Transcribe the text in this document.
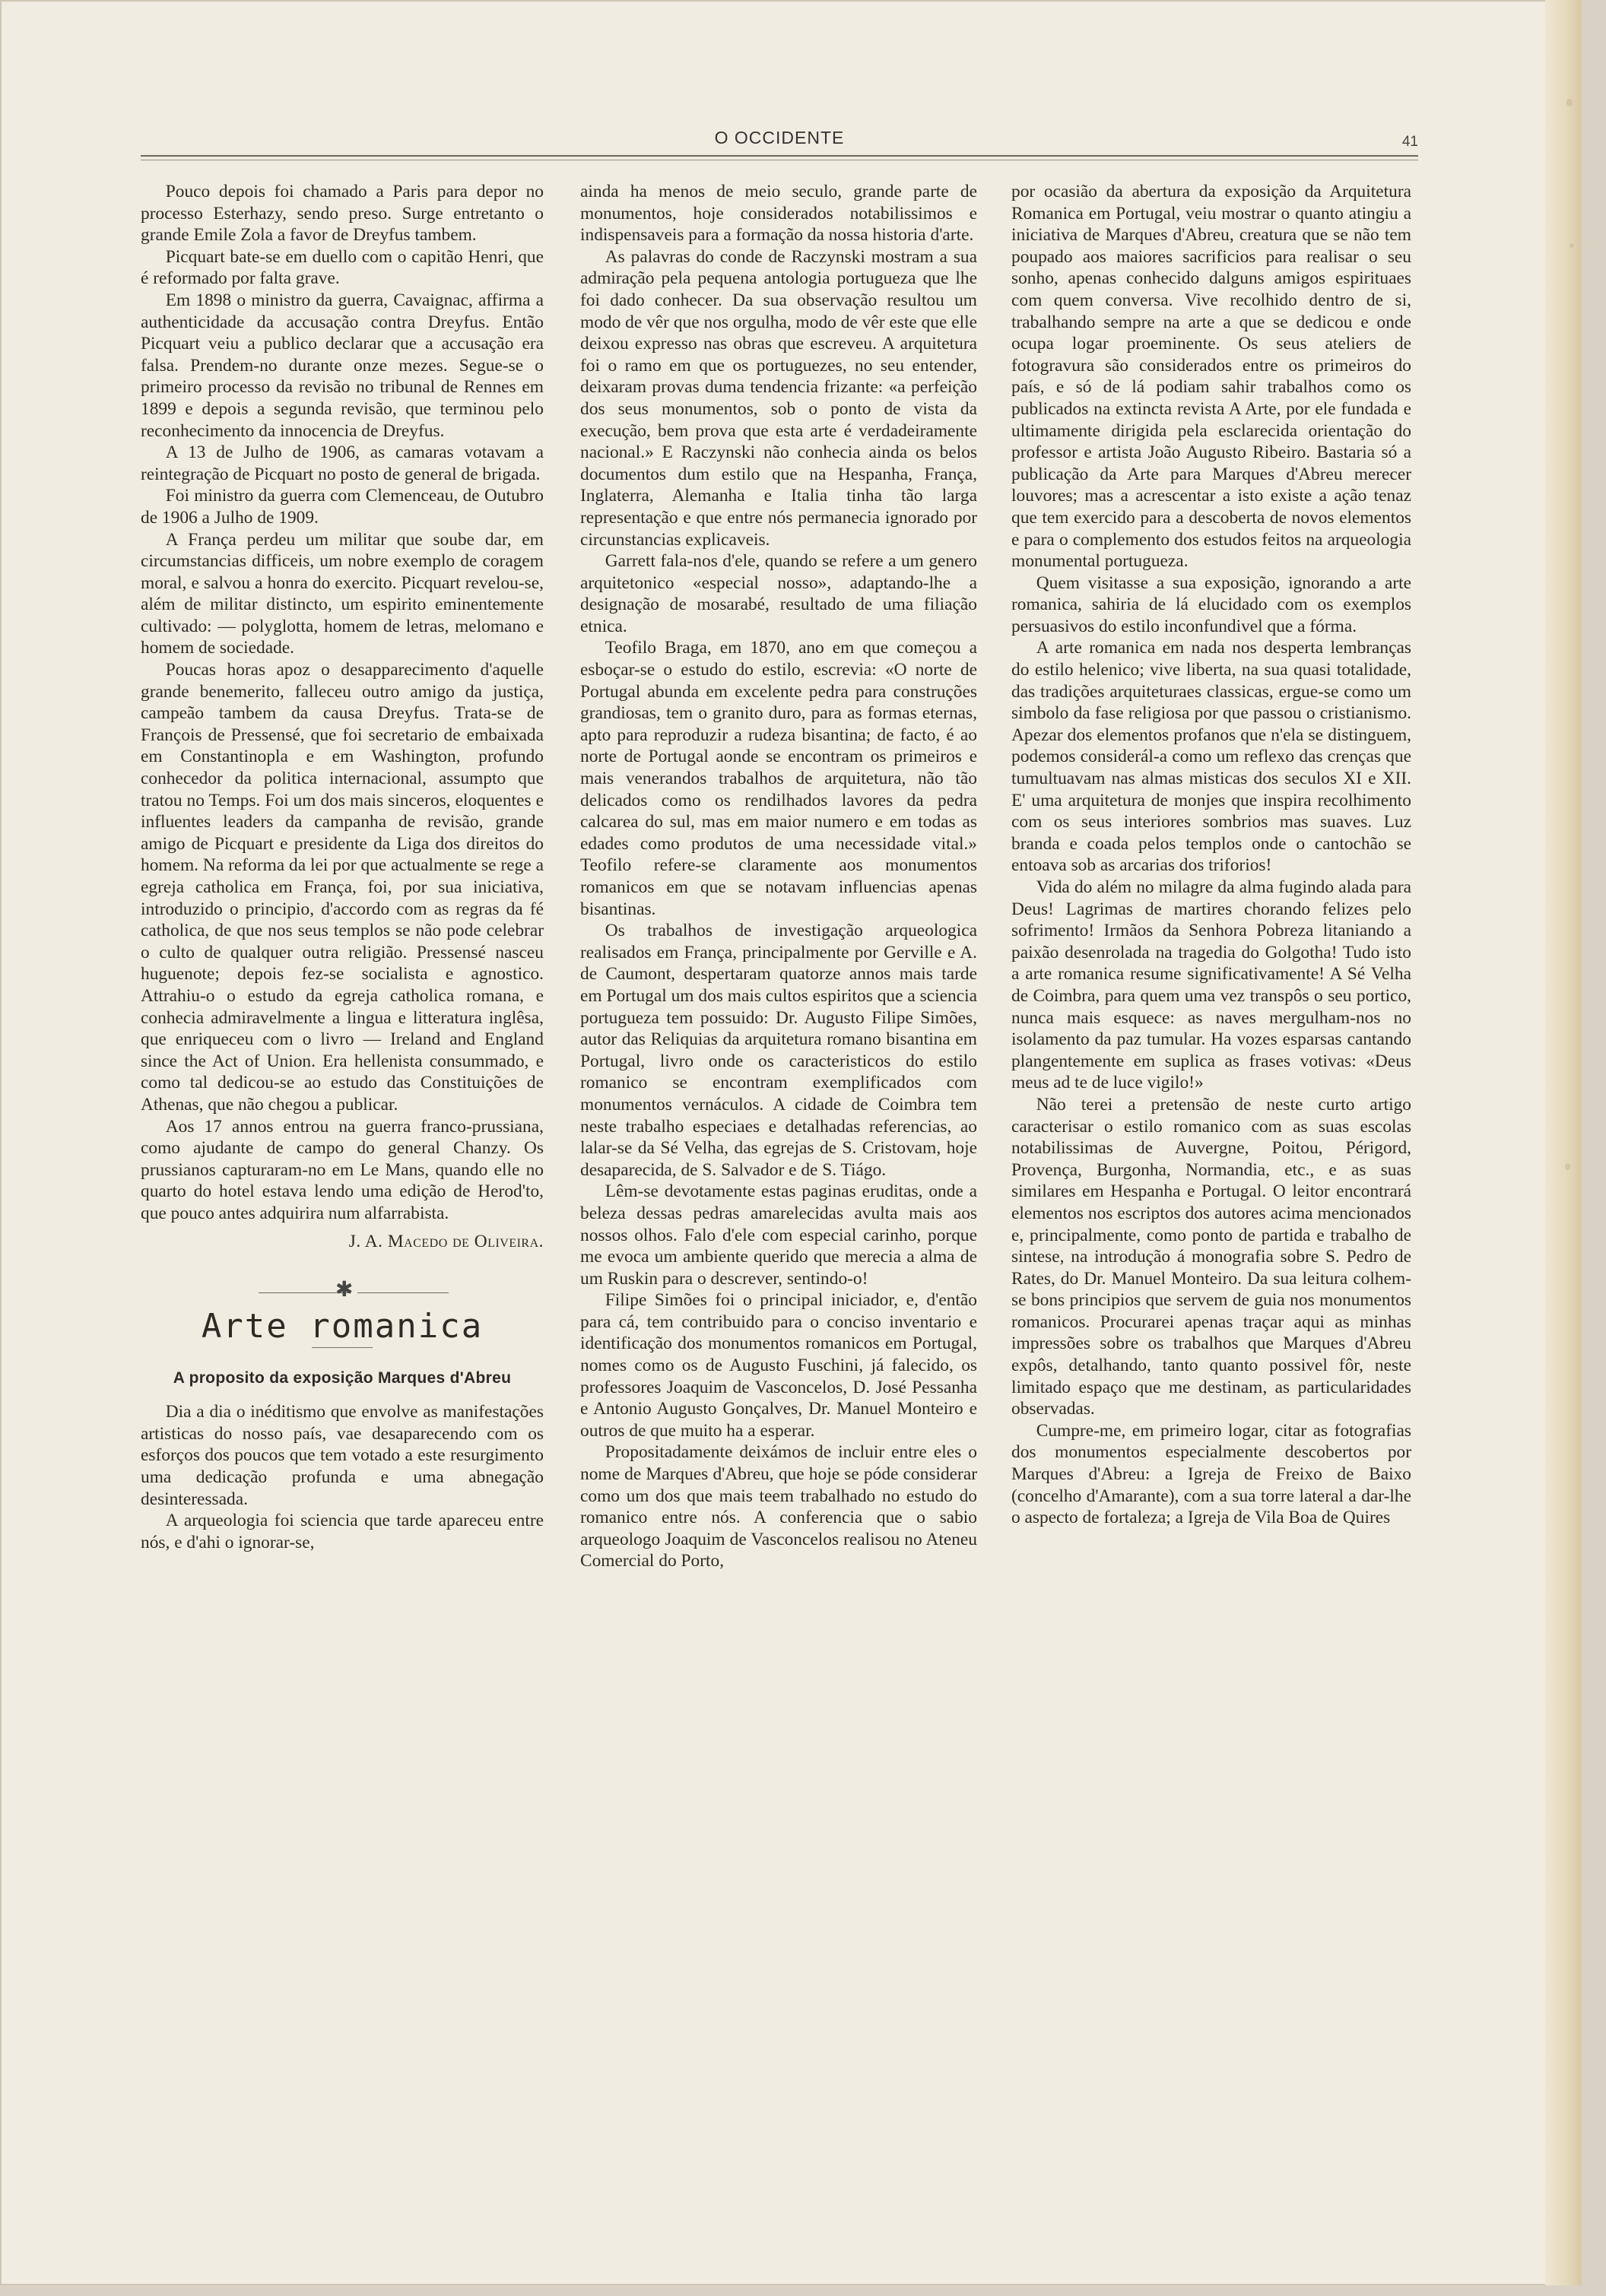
O OCCIDENTE	41

Pouco depois foi chamado a Paris para depor no processo Esterhazy, sendo preso. Surge entretanto o grande Emile Zola a favor de Dreyfus tambem.

Picquart bate-se em duello com o capitão Henri, que é reformado por falta grave.

Em 1898 o ministro da guerra, Cavaignac, affirma a authenticidade da accusação contra Dreyfus. Então Picquart veiu a publico declarar que a accusação era falsa. Prendem-no durante onze mezes. Segue-se o primeiro processo da revisão no tribunal de Rennes em 1899 e depois a segunda revisão, que terminou pelo reconhecimento da innocencia de Dreyfus.

A 13 de Julho de 1906, as camaras votavam a reintegração de Picquart no posto de general de brigada.

Foi ministro da guerra com Clemenceau, de Outubro de 1906 a Julho de 1909.

A França perdeu um militar que soube dar, em circumstancias difficeis, um nobre exemplo de coragem moral, e salvou a honra do exercito. Picquart revelou-se, além de militar distincto, um espirito eminentemente cultivado: — polyglotta, homem de letras, melomano e homem de sociedade.

Poucas horas apoz o desapparecimento d'aquelle grande benemerito, falleceu outro amigo da justiça, campeão tambem da causa Dreyfus. Trata-se de François de Pressensé, que foi secretario de embaixada em Constantinopla e em Washington, profundo conhecedor da politica internacional, assumpto que tratou no Temps. Foi um dos mais sinceros, eloquentes e influentes leaders da campanha de revisão, grande amigo de Picquart e presidente da Liga dos direitos do homem. Na reforma da lei por que actualmente se rege a egreja catholica em França, foi, por sua iniciativa, introduzido o principio, d'accordo com as regras da fé catholica, de que nos seus templos se não pode celebrar o culto de qualquer outra religião. Pressensé nasceu huguenote; depois fez-se socialista e agnostico. Attrahiu-o o estudo da egreja catholica romana, e conhecia admiravelmente a lingua e litteratura inglêsa, que enriqueceu com o livro — Ireland and England since the Act of Union. Era hellenista consummado, e como tal dedicou-se ao estudo das Constituições de Athenas, que não chegou a publicar.

Aos 17 annos entrou na guerra franco-prussiana, como ajudante de campo do general Chanzy. Os prussianos capturaram-no em Le Mans, quando elle no quarto do hotel estava lendo uma edição de Herod'to, que pouco antes adquirira num alfarrabista.

J. A. Macedo de Oliveira.

✱
Arte romanica

A proposito da exposição Marques d'Abreu

Dia a dia o inéditismo que envolve as manifestações artisticas do nosso país, vae desaparecendo com os esforços dos poucos que tem votado a este resurgimento uma dedicação profunda e uma abnegação desinteressada.

A arqueologia foi sciencia que tarde apareceu entre nós, e d'ahi o ignorar-se,

ainda ha menos de meio seculo, grande parte de monumentos, hoje considerados notabilissimos e indispensaveis para a formação da nossa historia d'arte.

As palavras do conde de Raczynski mostram a sua admiração pela pequena antologia portugueza que lhe foi dado conhecer. Da sua observação resultou um modo de vêr que nos orgulha, modo de vêr este que elle deixou expresso nas obras que escreveu. A arquitetura foi o ramo em que os portuguezes, no seu entender, deixaram provas duma tendencia frizante: «a perfeição dos seus monumentos, sob o ponto de vista da execução, bem prova que esta arte é verdadeiramente nacional.» E Raczynski não conhecia ainda os belos documentos dum estilo que na Hespanha, França, Inglaterra, Alemanha e Italia tinha tão larga representação e que entre nós permanecia ignorado por circunstancias explicaveis.

Garrett fala-nos d'ele, quando se refere a um genero arquitetonico «especial nosso», adaptando-lhe a designação de mosarabé, resultado de uma filiação etnica.

Teofilo Braga, em 1870, ano em que começou a esboçar-se o estudo do estilo, escrevia: «O norte de Portugal abunda em excelente pedra para construções grandiosas, tem o granito duro, para as formas eternas, apto para reproduzir a rudeza bisantina; de facto, é ao norte de Portugal aonde se encontram os primeiros e mais venerandos trabalhos de arquitetura, não tão delicados como os rendilhados lavores da pedra calcarea do sul, mas em maior numero e em todas as edades como produtos de uma necessidade vital.» Teofilo refere-se claramente aos monumentos romanicos em que se notavam influencias apenas bisantinas.

Os trabalhos de investigação arqueologica realisados em França, principalmente por Gerville e A. de Caumont, despertaram quatorze annos mais tarde em Portugal um dos mais cultos espiritos que a sciencia portugueza tem possuido: Dr. Augusto Filipe Simões, autor das Reliquias da arquitetura romano bisantina em Portugal, livro onde os caracteristicos do estilo romanico se encontram exemplificados com monumentos vernáculos. A cidade de Coimbra tem neste trabalho especiaes e detalhadas referencias, ao lalar-se da Sé Velha, das egrejas de S. Cristovam, hoje desaparecida, de S. Salvador e de S. Tiágo.

Lêm-se devotamente estas paginas eruditas, onde a beleza dessas pedras amarelecidas avulta mais aos nossos olhos. Falo d'ele com especial carinho, porque me evoca um ambiente querido que merecia a alma de um Ruskin para o descrever, sentindo-o!

Filipe Simões foi o principal iniciador, e, d'então para cá, tem contribuido para o conciso inventario e identificação dos monumentos romanicos em Portugal, nomes como os de Augusto Fuschini, já falecido, os professores Joaquim de Vasconcelos, D. José Pessanha e Antonio Augusto Gonçalves, Dr. Manuel Monteiro e outros de que muito ha a esperar.

Propositadamente deixámos de incluir entre eles o nome de Marques d'Abreu, que hoje se póde considerar como um dos que mais teem trabalhado no estudo do romanico entre nós. A conferencia que o sabio arqueologo Joaquim de Vasconcelos realisou no Ateneu Comercial do Porto,

por ocasião da abertura da exposição da Arquitetura Romanica em Portugal, veiu mostrar o quanto atingiu a iniciativa de Marques d'Abreu, creatura que se não tem poupado aos maiores sacrificios para realisar o seu sonho, apenas conhecido dalguns amigos espirituaes com quem conversa. Vive recolhido dentro de si, trabalhando sempre na arte a que se dedicou e onde ocupa logar proeminente. Os seus ateliers de fotogravura são considerados entre os primeiros do país, e só de lá podiam sahir trabalhos como os publicados na extincta revista A Arte, por ele fundada e ultimamente dirigida pela esclarecida orientação do professor e artista João Augusto Ribeiro. Bastaria só a publicação da Arte para Marques d'Abreu merecer louvores; mas a acrescentar a isto existe a ação tenaz que tem exercido para a descoberta de novos elementos e para o complemento dos estudos feitos na arqueologia monumental portugueza.

Quem visitasse a sua exposição, ignorando a arte romanica, sahiria de lá elucidado com os exemplos persuasivos do estilo inconfundivel que a fórma.

A arte romanica em nada nos desperta lembranças do estilo helenico; vive liberta, na sua quasi totalidade, das tradições arquiteturaes classicas, ergue-se como um simbolo da fase religiosa por que passou o cristianismo. Apezar dos elementos profanos que n'ela se distinguem, podemos considerál-a como um reflexo das crenças que tumultuavam nas almas misticas dos seculos XI e XII. E' uma arquitetura de monjes que inspira recolhimento com os seus interiores sombrios mas suaves. Luz branda e coada pelos templos onde o cantochão se entoava sob as arcarias dos triforios!

Vida do além no milagre da alma fugindo alada para Deus! Lagrimas de martires chorando felizes pelo sofrimento! Irmãos da Senhora Pobreza litaniando a paixão desenrolada na tragedia do Golgotha! Tudo isto a arte romanica resume significativamente! A Sé Velha de Coimbra, para quem uma vez transpôs o seu portico, nunca mais esquece: as naves mergulham-nos no isolamento da paz tumular. Ha vozes esparsas cantando plangentemente em suplica as frases votivas: «Deus meus ad te de luce vigilo!»

Não terei a pretensão de neste curto artigo caracterisar o estilo romanico com as suas escolas notabilissimas de Auvergne, Poitou, Périgord, Provença, Burgonha, Normandia, etc., e as suas similares em Hespanha e Portugal. O leitor encontrará elementos nos escriptos dos autores acima mencionados e, principalmente, como ponto de partida e trabalho de sintese, na introdução á monografia sobre S. Pedro de Rates, do Dr. Manuel Monteiro. Da sua leitura colhem-se bons principios que servem de guia nos monumentos romanicos. Procurarei apenas traçar aqui as minhas impressões sobre os trabalhos que Marques d'Abreu expôs, detalhando, tanto quanto possivel fôr, neste limitado espaço que me destinam, as particularidades observadas.

Cumpre-me, em primeiro logar, citar as fotografias dos monumentos especialmente descobertos por Marques d'Abreu: a Igreja de Freixo de Baixo (concelho d'Amarante), com a sua torre lateral a dar-lhe o aspecto de fortaleza; a Igreja de Vila Boa de Quires
